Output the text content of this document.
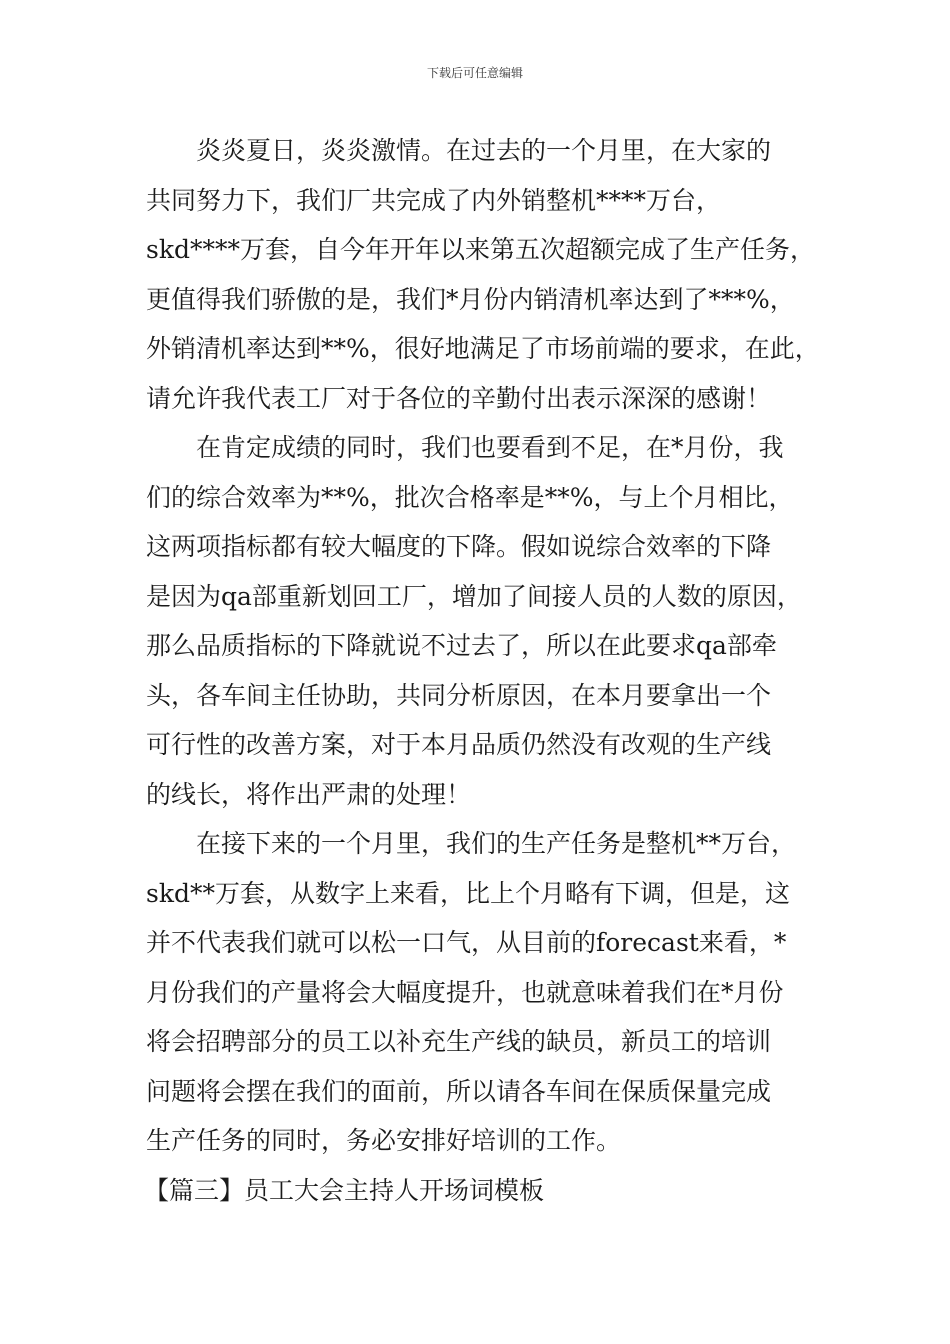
下载后可任意编辑

炎炎夏日，炎炎激情。在过去的一个月里，在大家的
共同努力下，我们厂共完成了内外销整机****万台，
skd****万套，自今年开年以来第五次超额完成了生产任务，
更值得我们骄傲的是，我们*月份内销清机率达到了***%，
外销清机率达到**%，很好地满足了市场前端的要求，在此，
请允许我代表工厂对于各位的辛勤付出表示深深的感谢！

在肯定成绩的同时，我们也要看到不足，在*月份，我
们的综合效率为**%，批次合格率是**%，与上个月相比，
这两项指标都有较大幅度的下降。假如说综合效率的下降
是因为qa部重新划回工厂，增加了间接人员的人数的原因，
那么品质指标的下降就说不过去了，所以在此要求qa部牵
头，各车间主任协助，共同分析原因，在本月要拿出一个
可行性的改善方案，对于本月品质仍然没有改观的生产线
的线长，将作出严肃的处理！

在接下来的一个月里，我们的生产任务是整机**万台，
skd**万套，从数字上来看，比上个月略有下调，但是，这
并不代表我们就可以松一口气，从目前的forecast来看，*
月份我们的产量将会大幅度提升，也就意味着我们在*月份
将会招聘部分的员工以补充生产线的缺员，新员工的培训
问题将会摆在我们的面前，所以请各车间在保质保量完成
生产任务的同时，务必安排好培训的工作。

【篇三】员工大会主持人开场词模板
